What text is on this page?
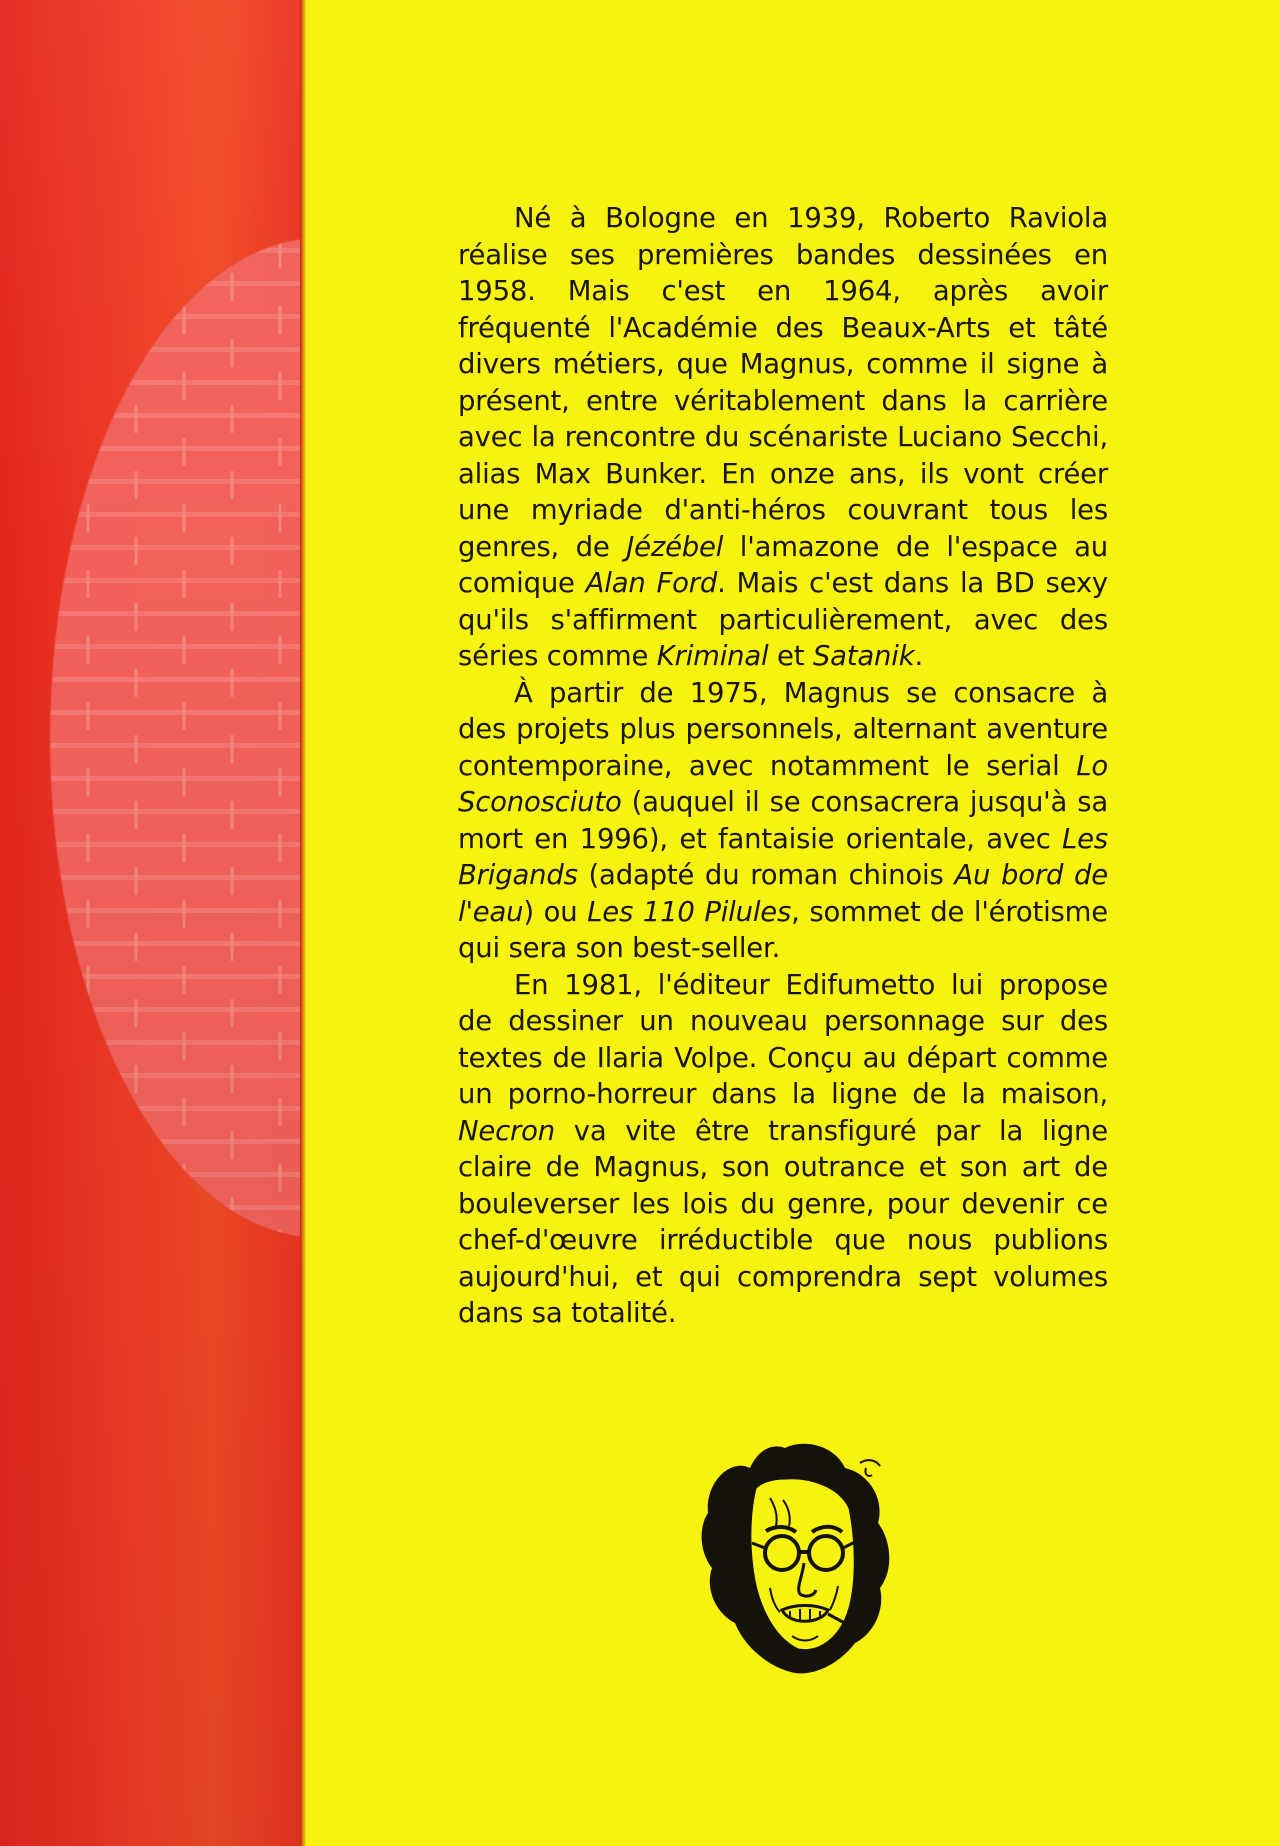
Né à Bologne en 1939, Roberto Raviola réalise ses premières bandes dessinées en 1958. Mais c'est en 1964, après avoir fréquenté l'Académie des Beaux-Arts et tâté divers métiers, que Magnus, comme il signe à présent, entre véritablement dans la carrière avec la rencontre du scénariste Luciano Secchi, alias Max Bunker. En onze ans, ils vont créer une myriade d'anti-héros couvrant tous les genres, de Jézébel l'amazone de l'espace au comique Alan Ford. Mais c'est dans la BD sexy qu'ils s'affirment particulièrement, avec des séries comme Kriminal et Satanik.

À partir de 1975, Magnus se consacre à des projets plus personnels, alternant aventure contemporaine, avec notamment le serial Lo Sconosciuto (auquel il se consacrera jusqu'à sa mort en 1996), et fantaisie orientale, avec Les Brigands (adapté du roman chinois Au bord de l'eau) ou Les 110 Pilules, sommet de l'érotisme qui sera son best-seller.

En 1981, l'éditeur Edifumetto lui propose de dessiner un nouveau personnage sur des textes de Ilaria Volpe. Conçu au départ comme un porno-horreur dans la ligne de la maison, Necron va vite être transfiguré par la ligne claire de Magnus, son outrance et son art de bouleverser les lois du genre, pour devenir ce chef-d'œuvre irréductible que nous publions aujourd'hui, et qui comprendra sept volumes dans sa totalité.
